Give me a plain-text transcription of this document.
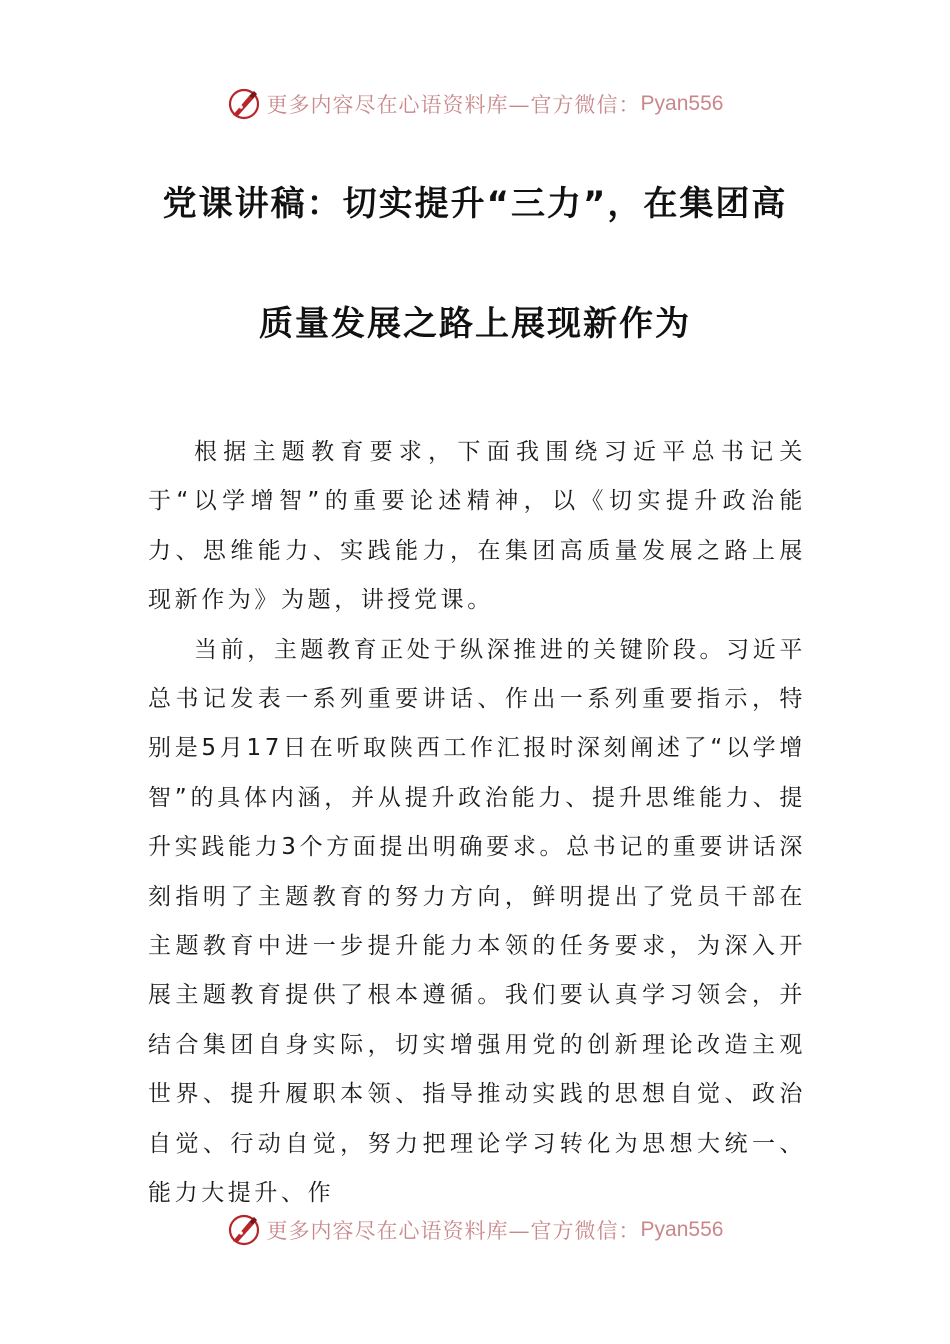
更多内容尽在心语资料库—官方微信： Pyan556
党课讲稿：切实提升“三力”，在集团高
质量发展之路上展现新作为

根据主题教育要求，下面我围绕习近平总书记关于“以学增智”的重要论述精神，以《切实提升政治能力、思维能力、实践能力，在集团高质量发展之路上展现新作为》为题，讲授党课。

当前，主题教育正处于纵深推进的关键阶段。习近平总书记发表一系列重要讲话、作出一系列重要指示，特别是5月17日在听取陕西工作汇报时深刻阐述了“以学增智”的具体内涵，并从提升政治能力、提升思维能力、提升实践能力3个方面提出明确要求。总书记的重要讲话深刻指明了主题教育的努力方向，鲜明提出了党员干部在主题教育中进一步提升能力本领的任务要求，为深入开展主题教育提供了根本遵循。我们要认真学习领会，并结合集团自身实际，切实增强用党的创新理论改造主观世界、提升履职本领、指导推动实践的思想自觉、政治自觉、行动自觉，努力把理论学习转化为思想大统一、能力大提升、作

更多内容尽在心语资料库—官方微信： Pyan556
